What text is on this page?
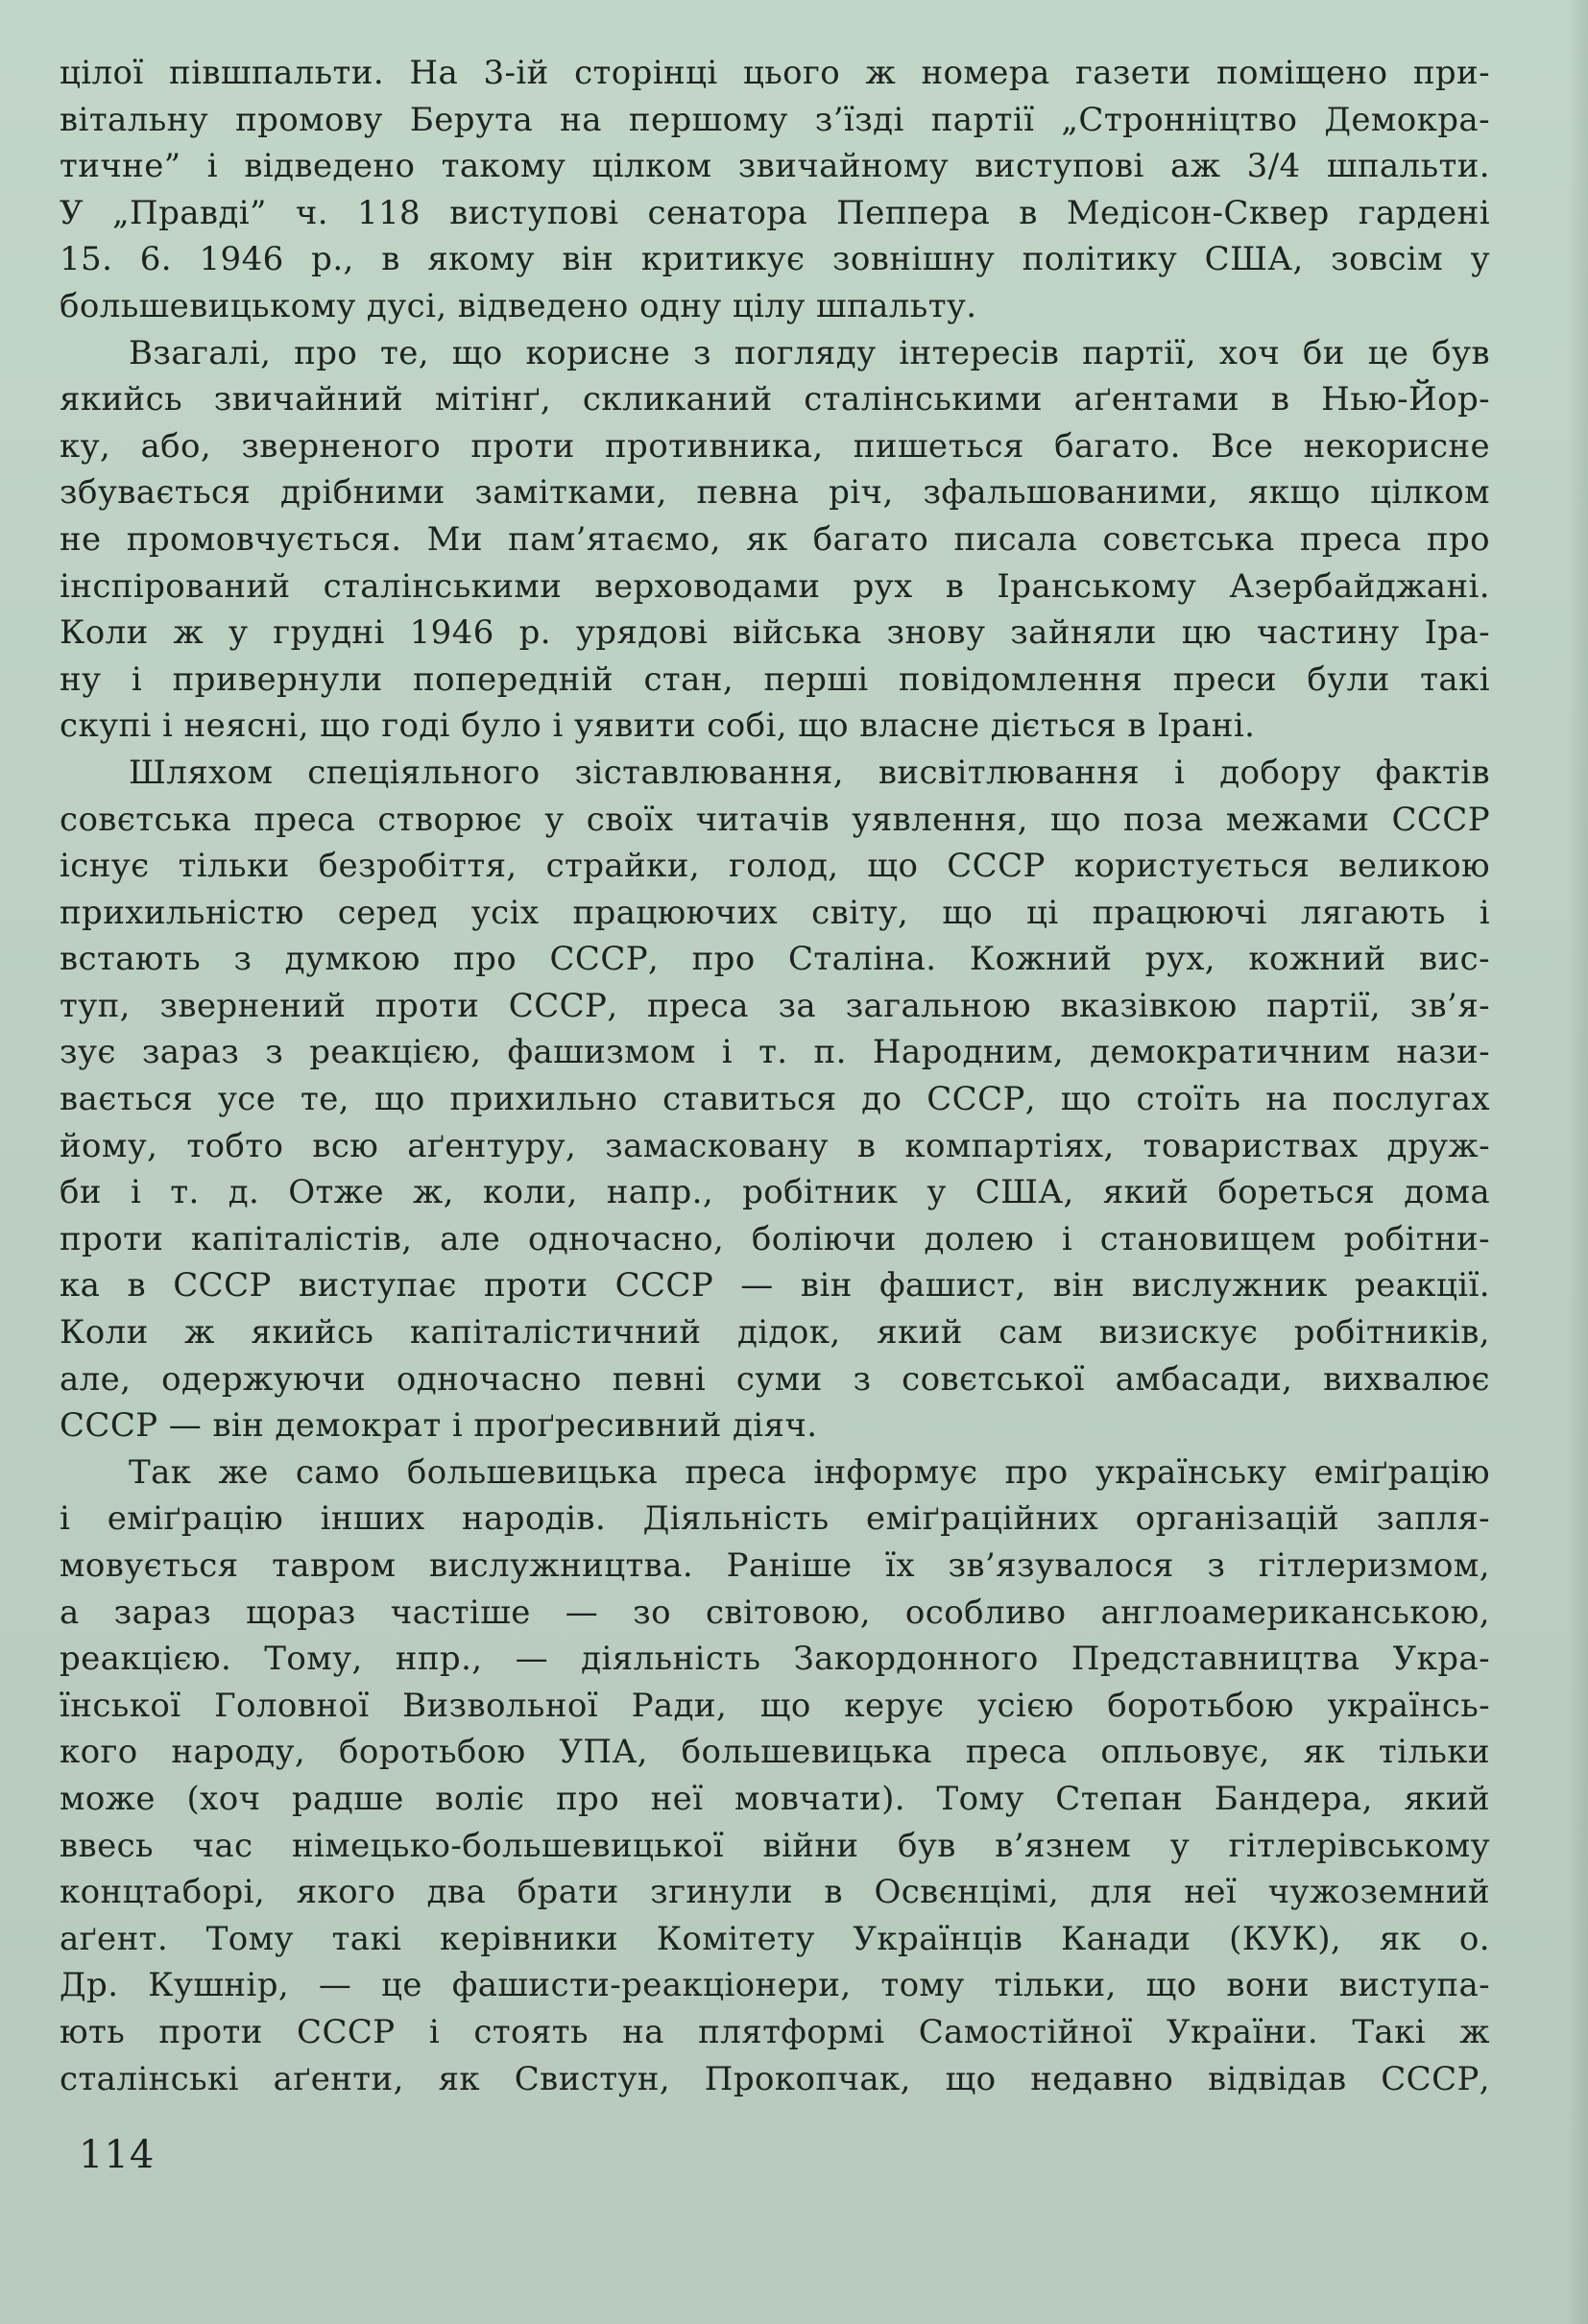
цілої півшпальти. На 3-ій сторінці цього ж номера газети поміщено при-
вітальну промову Берута на першому з’їзді партії „Стронніцтво Демокра-
тичне” і відведено такому цілком звичайному виступові аж 3/4 шпальти.
У „Правді” ч. 118 виступові сенатора Пеппера в Медісон-Сквер гардені
15. 6. 1946 р., в якому він критикує зовнішну політику США, зовсім у
большевицькому дусі, відведено одну цілу шпальту.
Взагалі, про те, що корисне з погляду інтересів партії, хоч би це був
якийсь звичайний мітінґ, скликаний сталінськими аґентами в Нью-Йор-
ку, або, зверненого проти противника, пишеться багато. Все некорисне
збувається дрібними замітками, певна річ, зфальшованими, якщо цілком
не промовчується. Ми пам’ятаємо, як багато писала совєтська преса про
інспірований сталінськими верховодами рух в Іранському Азербайджані.
Коли ж у грудні 1946 р. урядові війська знову зайняли цю частину Іра-
ну і привернули попередній стан, перші повідомлення преси були такі
скупі і неясні, що годі було і уявити собі, що власне діється в Ірані.
Шляхом спеціяльного зіставлювання, висвітлювання і добору фактів
совєтська преса створює у своїх читачів уявлення, що поза межами СССР
існує тільки безробіття, страйки, голод, що СССР користується великою
прихильністю серед усіх працюючих світу, що ці працюючі лягають і
встають з думкою про СССР, про Сталіна. Кожний рух, кожний вис-
туп, звернений проти СССР, преса за загальною вказівкою партії, зв’я-
зує зараз з реакцією, фашизмом і т. п. Народним, демократичним нази-
вається усе те, що прихильно ставиться до СССР, що стоїть на послугах
йому, тобто всю аґентуру, замасковану в компартіях, товариствах друж-
би і т. д. Отже ж, коли, напр., робітник у США, який бореться дома
проти капіталістів, але одночасно, боліючи долею і становищем робітни-
ка в СССР виступає проти СССР — він фашист, він вислужник реакції.
Коли ж якийсь капіталістичний дідок, який сам визискує робітників,
але, одержуючи одночасно певні суми з совєтської амбасади, вихвалює
СССР — він демократ і проґресивний діяч.
Так же само большевицька преса інформує про українську еміґрацію
і еміґрацію інших народів. Діяльність еміґраційних організацій запля-
мовується тавром вислужництва. Раніше їх зв’язувалося з гітлеризмом,
а зараз щораз частіше — зо світовою, особливо англоамериканською,
реакцією. Тому, нпр., — діяльність Закордонного Представництва Укра-
їнської Головної Визвольної Ради, що керує усією боротьбою українсь-
кого народу, боротьбою УПА, большевицька преса опльовує, як тільки
може (хоч радше воліє про неї мовчати). Тому Степан Бандера, який
ввесь час німецько-большевицької війни був в’язнем у гітлерівському
концтаборі, якого два брати згинули в Освєнцімі, для неї чужоземний
аґент. Тому такі керівники Комітету Українців Канади (КУК), як о.
Др. Кушнір, — це фашисти-реакціонери, тому тільки, що вони виступа-
ють проти СССР і стоять на плятформі Самостійної України. Такі ж
сталінські аґенти, як Свистун, Прокопчак, що недавно відвідав СССР,
114
